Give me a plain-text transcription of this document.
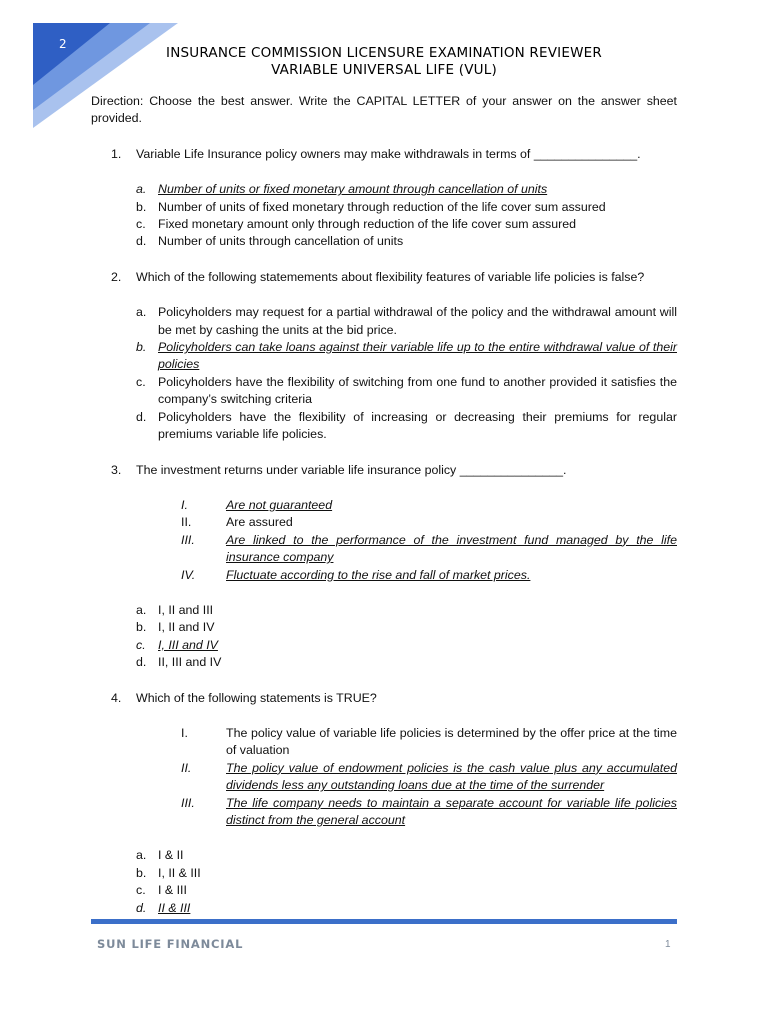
2
INSURANCE COMMISSION LICENSURE EXAMINATION REVIEWER
VARIABLE UNIVERSAL LIFE (VUL)

Direction: Choose the best answer. Write the CAPITAL LETTER of your answer on the answer sheet provided.

1. Variable Life Insurance policy owners may make withdrawals in terms of _______________.
a. Number of units or fixed monetary amount through cancellation of units
b. Number of units of fixed monetary through reduction of the life cover sum assured
c. Fixed monetary amount only through reduction of the life cover sum assured
d. Number of units through cancellation of units
2. Which of the following statemements about flexibility features of variable life policies is false?
a. Policyholders may request for a partial withdrawal of the policy and the withdrawal amount will be met by cashing the units at the bid price.
b. Policyholders can take loans against their variable life up to the entire withdrawal value of their policies
c. Policyholders have the flexibility of switching from one fund to another provided it satisfies the company’s switching criteria
d. Policyholders have the flexibility of increasing or decreasing their premiums for regular premiums variable life policies.
3. The investment returns under variable life insurance policy _______________.
I.	Are not guaranteed
II.	Are assured
III.	Are linked to the performance of the investment fund managed by the life insurance company
IV. Fluctuate according to the rise and fall of market prices.
a. I, II and III
b. I, II and IV
c. I, III and IV
d. II, III and IV
4. Which of the following statements is TRUE?
I.	The policy value of variable life policies is determined by the offer price at the time of valuation
II.	The policy value of endowment policies is the cash value plus any accumulated dividends less any outstanding loans due at the time of the surrender
III.	The life company needs to maintain a separate account for variable life policies distinct from the general account
a. I & II
b. I, II & III
c. I & III
d. II & III
SUN LIFE FINANCIAL	1
